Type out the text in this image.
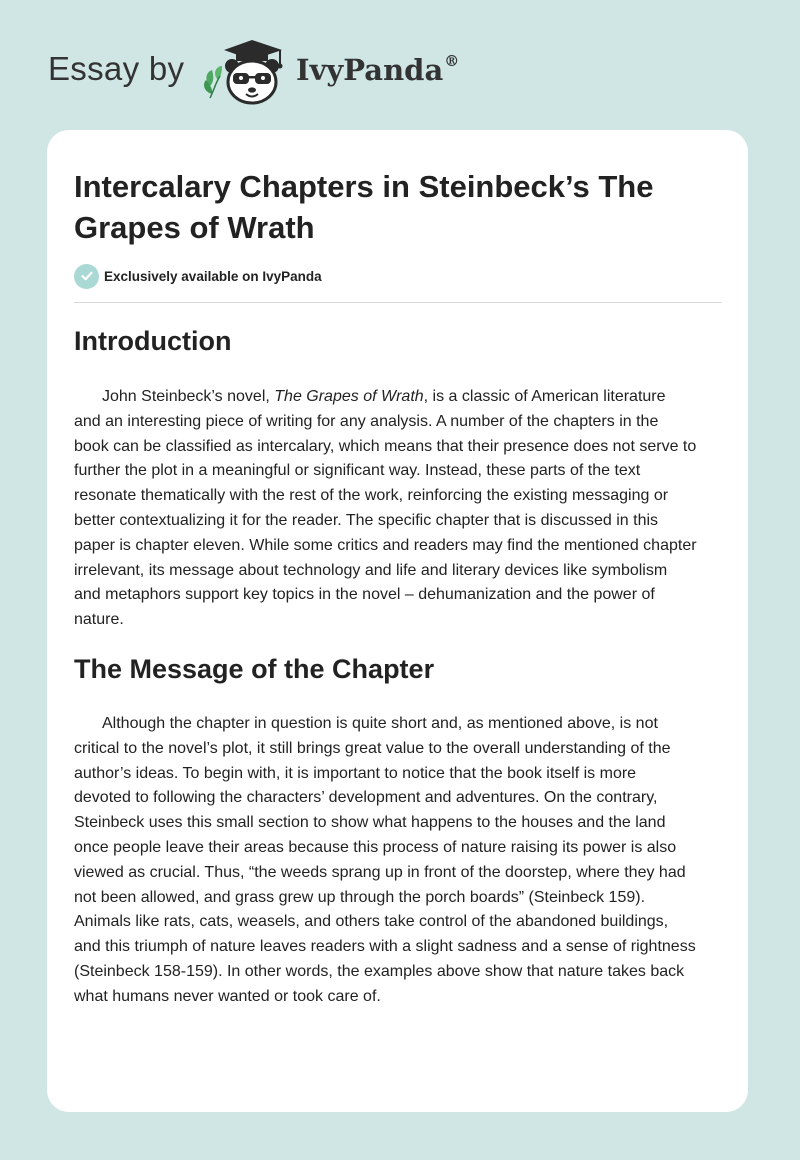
Essay by	IvyPanda®
Intercalary Chapters in Steinbeck’s The
Grapes of Wrath
Exclusively available on IvyPanda
Introduction
John Steinbeck’s novel, The Grapes of Wrath, is a classic of American literature
and an interesting piece of writing for any analysis. A number of the chapters in the
book can be classified as intercalary, which means that their presence does not serve to
further the plot in a meaningful or significant way. Instead, these parts of the text
resonate thematically with the rest of the work, reinforcing the existing messaging or
better contextualizing it for the reader. The specific chapter that is discussed in this
paper is chapter eleven. While some critics and readers may find the mentioned chapter
irrelevant, its message about technology and life and literary devices like symbolism
and metaphors support key topics in the novel – dehumanization and the power of
nature.
The Message of the Chapter
Although the chapter in question is quite short and, as mentioned above, is not
critical to the novel’s plot, it still brings great value to the overall understanding of the
author’s ideas. To begin with, it is important to notice that the book itself is more
devoted to following the characters’ development and adventures. On the contrary,
Steinbeck uses this small section to show what happens to the houses and the land
once people leave their areas because this process of nature raising its power is also
viewed as crucial. Thus, “the weeds sprang up in front of the doorstep, where they had
not been allowed, and grass grew up through the porch boards” (Steinbeck 159).
Animals like rats, cats, weasels, and others take control of the abandoned buildings,
and this triumph of nature leaves readers with a slight sadness and a sense of rightness
(Steinbeck 158-159). In other words, the examples above show that nature takes back
what humans never wanted or took care of.
